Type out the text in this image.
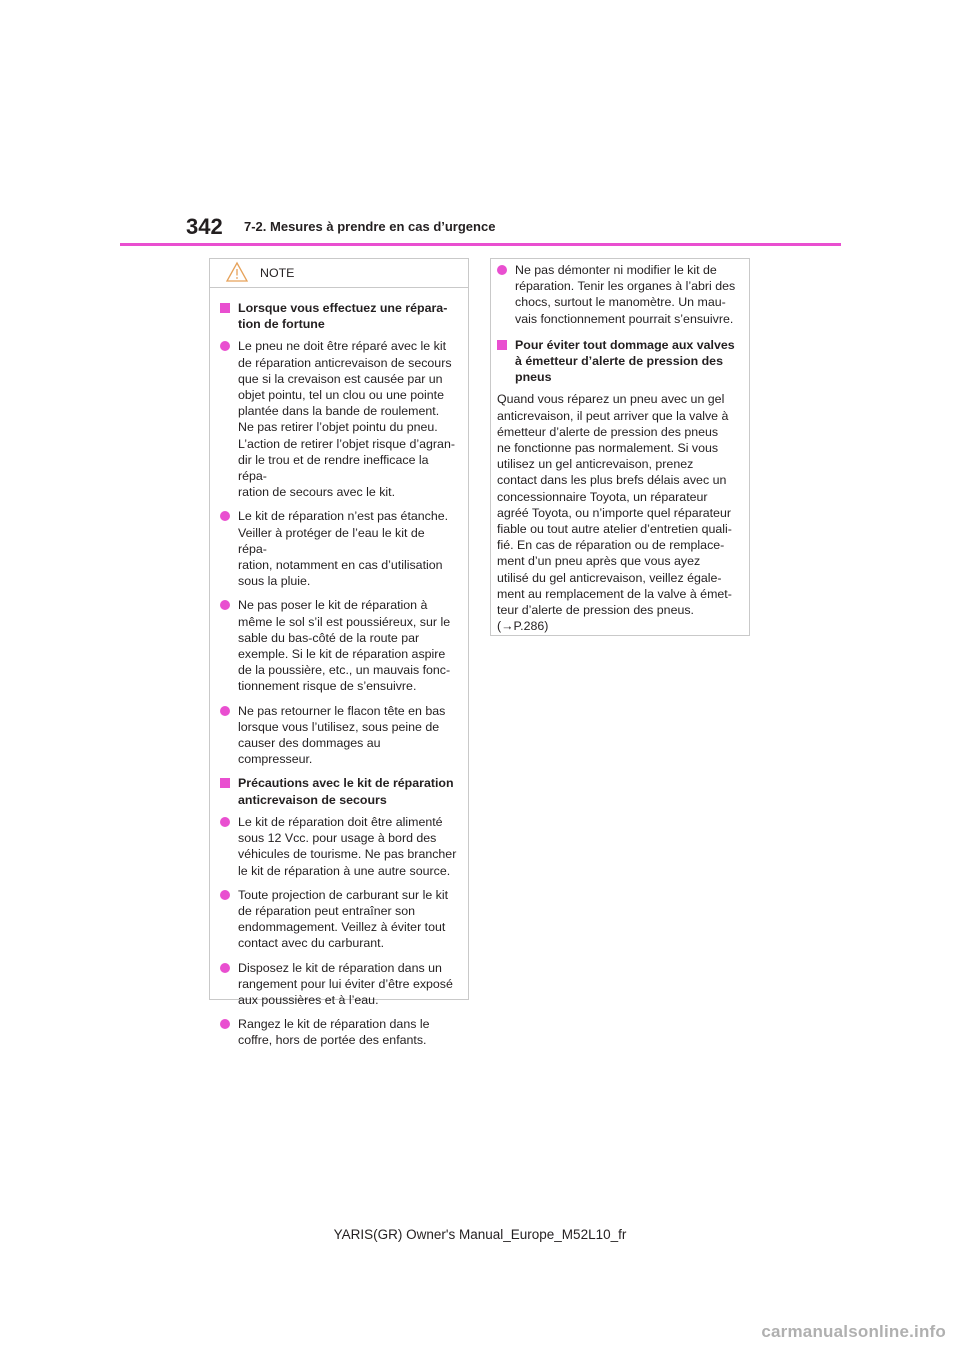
342 7-2. Mesures à prendre en cas d’urgence
NOTE
Lorsque vous effectuez une répara-
tion de fortune
Le pneu ne doit être réparé avec le kit
de réparation anticrevaison de secours
que si la crevaison est causée par un
objet pointu, tel un clou ou une pointe
plantée dans la bande de roulement.
Ne pas retirer l’objet pointu du pneu.
L’action de retirer l’objet risque d’agran-
dir le trou et de rendre inefficace la répa-
ration de secours avec le kit.
Le kit de réparation n’est pas étanche.
Veiller à protéger de l’eau le kit de répa-
ration, notamment en cas d’utilisation
sous la pluie.
Ne pas poser le kit de réparation à
même le sol s’il est poussiéreux, sur le
sable du bas-côté de la route par
exemple. Si le kit de réparation aspire
de la poussière, etc., un mauvais fonc-
tionnement risque de s’ensuivre.
Ne pas retourner le flacon tête en bas
lorsque vous l’utilisez, sous peine de
causer des dommages au compresseur.
Précautions avec le kit de réparation
anticrevaison de secours
Le kit de réparation doit être alimenté
sous 12 Vcc. pour usage à bord des
véhicules de tourisme. Ne pas brancher
le kit de réparation à une autre source.
Toute projection de carburant sur le kit
de réparation peut entraîner son
endommagement. Veillez à éviter tout
contact avec du carburant.
Disposez le kit de réparation dans un
rangement pour lui éviter d’être exposé
aux poussières et à l’eau.
Rangez le kit de réparation dans le
coffre, hors de portée des enfants.
Ne pas démonter ni modifier le kit de
réparation. Tenir les organes à l’abri des
chocs, surtout le manomètre. Un mau-
vais fonctionnement pourrait s’ensuivre.
Pour éviter tout dommage aux valves
à émetteur d’alerte de pression des
pneus
Quand vous réparez un pneu avec un gel
anticrevaison, il peut arriver que la valve à
émetteur d’alerte de pression des pneus
ne fonctionne pas normalement. Si vous
utilisez un gel anticrevaison, prenez
contact dans les plus brefs délais avec un
concessionnaire Toyota, un réparateur
agréé Toyota, ou n’importe quel réparateur
fiable ou tout autre atelier d’entretien quali-
fié. En cas de réparation ou de remplace-
ment d’un pneu après que vous ayez
utilisé du gel anticrevaison, veillez égale-
ment au remplacement de la valve à émet-
teur d’alerte de pression des pneus.
(→P.286)
YARIS(GR) Owner's Manual_Europe_M52L10_fr
carmanualsonline.info
